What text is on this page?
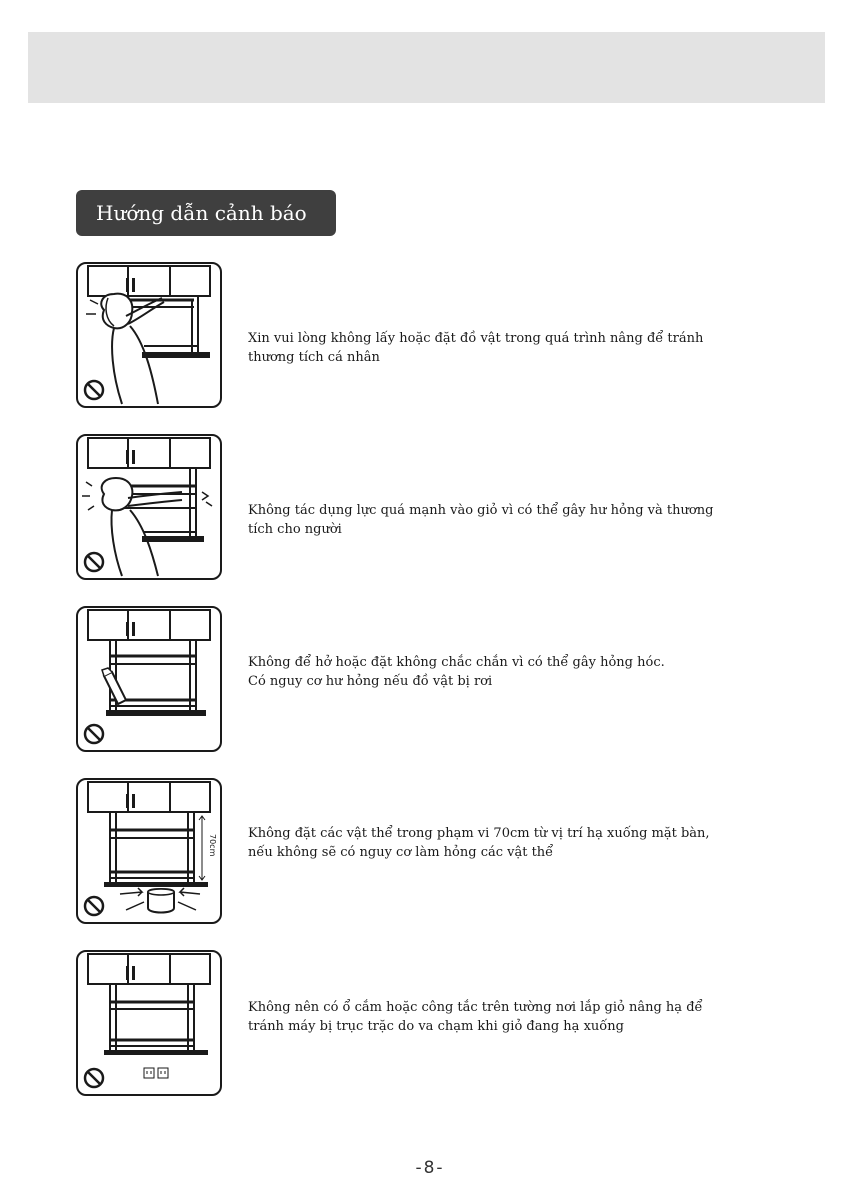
Hướng dẫn cảnh báo
Xin vui lòng không lấy hoặc đặt đồ vật trong quá trình nâng để tránh
thương tích cá nhân
Không tác dụng lực quá mạnh vào giỏ vì có thể gây hư hỏng và thương
tích cho người
Không để hở hoặc đặt không chắc chắn vì có thể gây hỏng hóc.
Có nguy cơ hư hỏng nếu đồ vật bị rơi
70cm
Không đặt các vật thể trong phạm vi 70cm từ vị trí hạ xuống mặt bàn,
nếu không sẽ có nguy cơ làm hỏng các vật thể
Không nên có ổ cắm hoặc công tắc trên tường nơi lắp giỏ nâng hạ để
tránh máy bị trục trặc do va chạm khi giỏ đang hạ xuống
-8-
